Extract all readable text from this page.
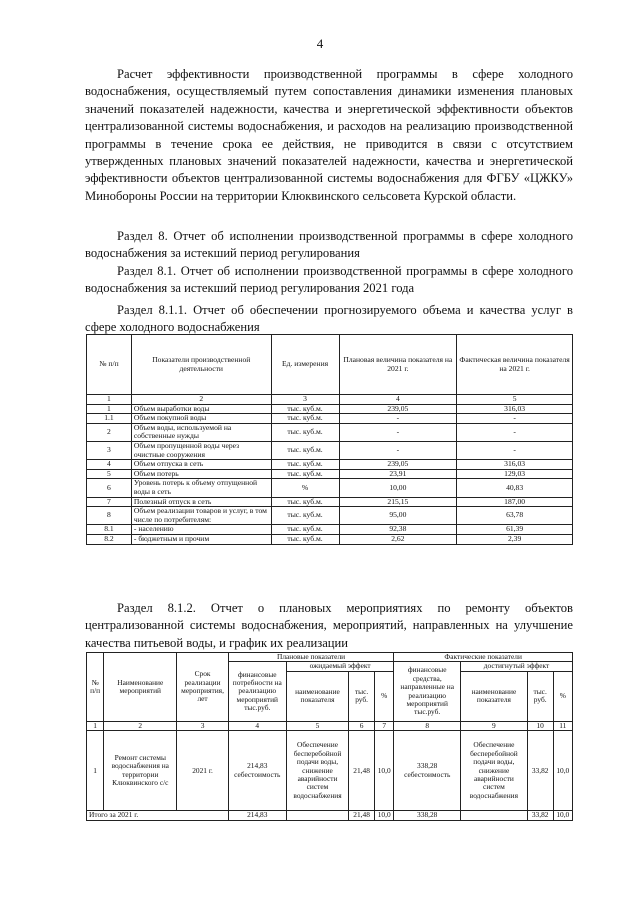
4

Расчет эффективности производственной программы в сфере холодного водоснабжения, осуществляемый путем сопоставления динамики изменения плановых значений показателей надежности, качества и энергетической эффективности объектов централизованной системы водоснабжения, и расходов на реализацию производственной программы в течение срока ее действия, не приводится в связи с отсутствием утвержденных плановых значений показателей надежности, качества и энергетической эффективности объектов централизованной системы водоснабжения для ФГБУ «ЦЖКУ» Минобороны России на территории Клюквинского сельсовета Курской области.

Раздел 8. Отчет об исполнении производственной программы в сфере холодного водоснабжения за истекший период регулирования

Раздел 8.1. Отчет об исполнении производственной программы в сфере холодного водоснабжения за истекший период регулирования 2021 года

Раздел 8.1.1. Отчет об обеспечении прогнозируемого объема и качества услуг в сфере холодного водоснабжения

№ п/п	Показатели производственной деятельности	Ед. измерения	Плановая величина показателя на 2021 г.	Фактическая величина показателя на 2021 г.
1	2	3	4	5
1	Объем выработки воды	тыс. куб.м.	239,05	316,03
1.1	Объем покупной воды	тыс. куб.м.	-	-
2	Объем воды, используемой на собственные нужды	тыс. куб.м.	-	-
3	Объем пропущенной воды через очистные сооружения	тыс. куб.м.	-	-
4	Объем отпуска в сеть	тыс. куб.м.	239,05	316,03
5	Объем потерь	тыс. куб.м.	23,91	129,03
6	Уровень потерь к объему отпущенной воды в сеть	%	10,00	40,83
7	Полезный отпуск в сеть	тыс. куб.м.	215,15	187,00
8	Объем реализации товаров и услуг, в том числе по потребителям:	тыс. куб.м.	95,00	63,78
8.1	- населению	тыс. куб.м.	92,38	61,39
8.2	- бюджетным и прочим	тыс. куб.м.	2,62	2,39

Раздел 8.1.2. Отчет о плановых мероприятиях по ремонту объектов централизованной системы водоснабжения, мероприятий, направленных на улучшение качества питьевой воды, и график их реализации

№ п/п	Наименование мероприятий	Срок реализации мероприятия, лет	Плановые показатели				Фактические показатели			
			финансовые потребности на реализацию мероприятий тыс.руб.	ожидаемый эффект			финансовые средства, направленные на реализацию мероприятий тыс.руб.	достигнутый эффект		
				наименование показателя	тыс. руб.	%		наименование показателя	тыс. руб.	%
1	2	3	4	5	6	7	8	9	10	11
1	Ремонт системы водоснабжения на территории Клюквинского с/с	2021 г.	214,83 себестоимость	Обеспечение бесперебойной подачи воды, снижение аварийности систем водоснабжения	21,48	10,0	338,28 себестоимость	Обеспечение бесперебойной подачи воды, снижение аварийности систем водоснабжения	33,82	10,0
Итого за 2021 г.			214,83		21,48	10,0	338,28		33,82	10,0
